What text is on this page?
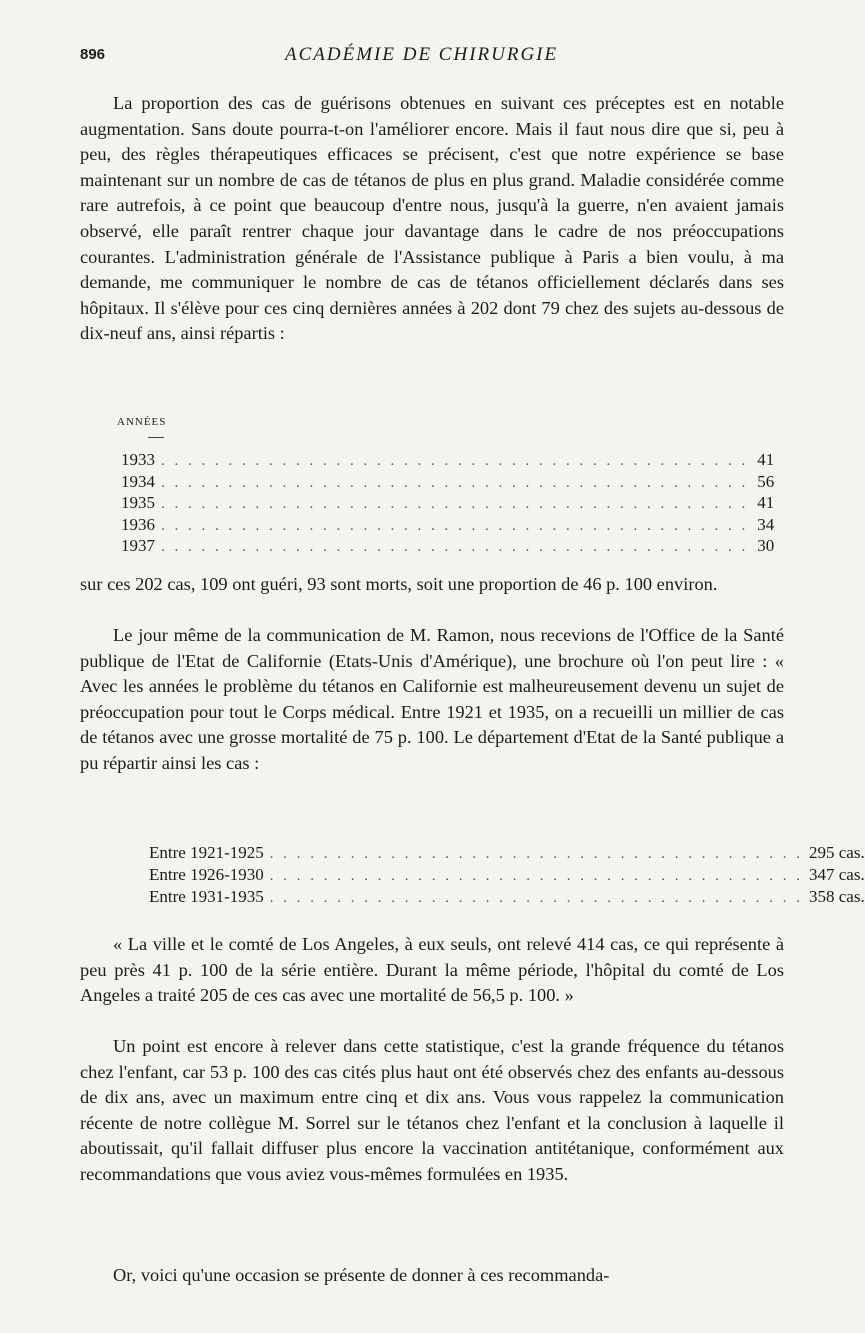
896	ACADÉMIE DE CHIRURGIE

La proportion des cas de guérisons obtenues en suivant ces préceptes est en notable augmentation. Sans doute pourra-t-on l'améliorer encore. Mais il faut nous dire que si, peu à peu, des règles thérapeutiques efficaces se précisent, c'est que notre expérience se base maintenant sur un nombre de cas de tétanos de plus en plus grand. Maladie considérée comme rare autrefois, à ce point que beaucoup d'entre nous, jusqu'à la guerre, n'en avaient jamais observé, elle paraît rentrer chaque jour davantage dans le cadre de nos préoccupations courantes. L'administration générale de l'Assistance publique à Paris a bien voulu, à ma demande, me communiquer le nombre de cas de tétanos officiellement déclarés dans ses hôpitaux. Il s'élève pour ces cinq dernières années à 202 dont 79 chez des sujets au-dessous de dix-neuf ans, ainsi répartis :

ANNÉES
1933 . . . . . . . . . . . . . . . . . . . . . . . . . . . . . . . . . . . . . . . . . . . . 41
1934 . . . . . . . . . . . . . . . . . . . . . . . . . . . . . . . . . . . . . . . . . . . . 56
1935 . . . . . . . . . . . . . . . . . . . . . . . . . . . . . . . . . . . . . . . . . . . . 41
1936 . . . . . . . . . . . . . . . . . . . . . . . . . . . . . . . . . . . . . . . . . . . . 34
1937 . . . . . . . . . . . . . . . . . . . . . . . . . . . . . . . . . . . . . . . . . . . . 30

sur ces 202 cas, 109 ont guéri, 93 sont morts, soit une proportion de 46 p. 100 environ.

Le jour même de la communication de M. Ramon, nous recevions de l'Office de la Santé publique de l'Etat de Californie (Etats-Unis d'Amérique), une brochure où l'on peut lire : « Avec les années le problème du tétanos en Californie est malheureusement devenu un sujet de préoccupation pour tout le Corps médical. Entre 1921 et 1935, on a recueilli un millier de cas de tétanos avec une grosse mortalité de 75 p. 100. Le département d'Etat de la Santé publique a pu répartir ainsi les cas :

Entre 1921-1925 . . . . . . . . . . . . . . . . . . . . . . . . . . . . . . . . . . . . . . . . 295 cas.
Entre 1926-1930 . . . . . . . . . . . . . . . . . . . . . . . . . . . . . . . . . . . . . . . . 347 cas.
Entre 1931-1935 . . . . . . . . . . . . . . . . . . . . . . . . . . . . . . . . . . . . . . . . 358 cas.

« La ville et le comté de Los Angeles, à eux seuls, ont relevé 414 cas, ce qui représente à peu près 41 p. 100 de la série entière. Durant la même période, l'hôpital du comté de Los Angeles a traité 205 de ces cas avec une mortalité de 56,5 p. 100. »

Un point est encore à relever dans cette statistique, c'est la grande fréquence du tétanos chez l'enfant, car 53 p. 100 des cas cités plus haut ont été observés chez des enfants au-dessous de dix ans, avec un maximum entre cinq et dix ans. Vous vous rappelez la communication récente de notre collègue M. Sorrel sur le tétanos chez l'enfant et la conclusion à laquelle il aboutissait, qu'il fallait diffuser plus encore la vaccination antitétanique, conformément aux recommandations que vous aviez vous-mêmes formulées en 1935.

Or, voici qu'une occasion se présente de donner à ces recommanda-
